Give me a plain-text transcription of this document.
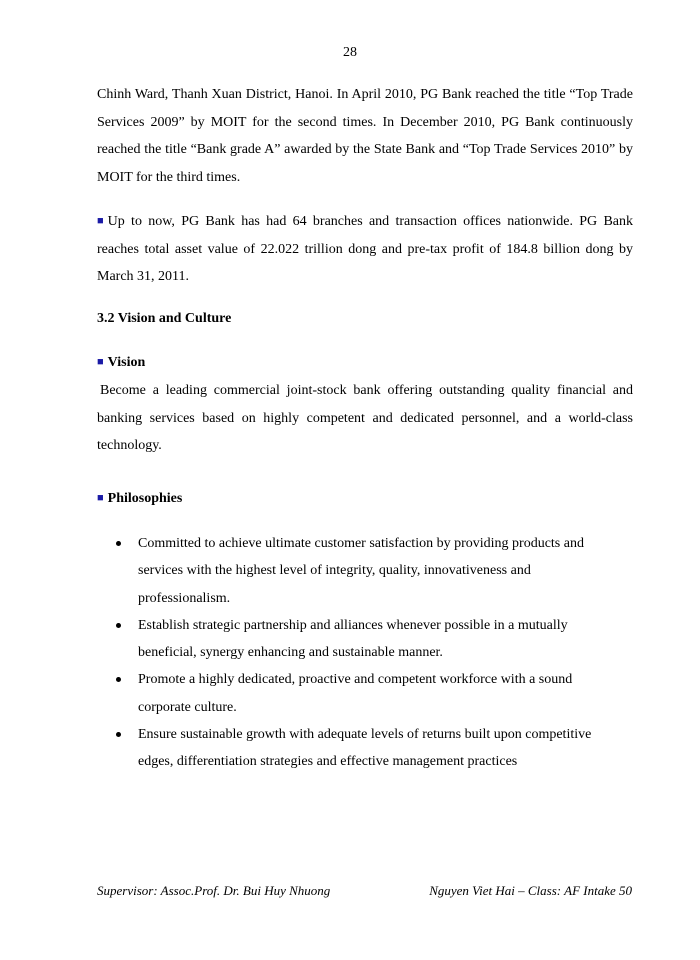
28

Chinh Ward, Thanh Xuan District, Hanoi. In April 2010, PG Bank reached the title “Top Trade Services 2009” by MOIT for the second times. In December 2010, PG Bank continuously reached the title “Bank grade A” awarded by the State Bank and “Top Trade Services 2010” by MOIT for the third times.

■ Up to now, PG Bank has had 64 branches and transaction offices nationwide. PG Bank reaches total asset value of 22.022 trillion dong and pre-tax profit of 184.8 billion dong by March 31, 2011.

3.2 Vision and Culture
■ Vision

Become a leading commercial joint-stock bank offering outstanding quality financial and banking services based on highly competent and dedicated personnel, and a world-class technology.

■ Philosophies
Committed to achieve ultimate customer satisfaction by providing products and services with the highest level of integrity, quality, innovativeness and professionalism.
Establish strategic partnership and alliances whenever possible in a mutually beneficial, synergy enhancing and sustainable manner.
Promote a highly dedicated, proactive and competent workforce with a sound corporate culture.
Ensure sustainable growth with adequate levels of returns built upon competitive edges, differentiation strategies and effective management practices
Supervisor: Assoc.Prof. Dr. Bui Huy Nhuong	Nguyen Viet Hai – Class: AF Intake 50
